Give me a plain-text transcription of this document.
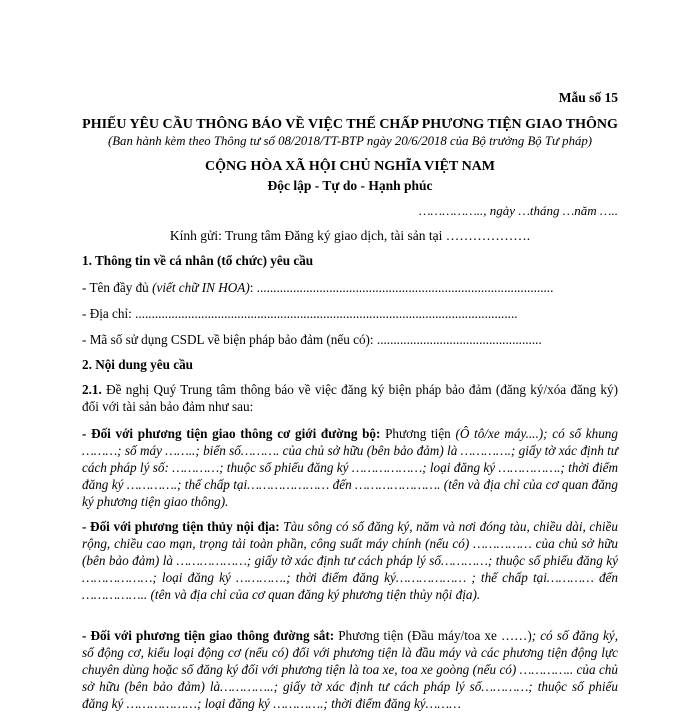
Mẫu số 15
PHIẾU YÊU CẦU THÔNG BÁO VỀ VIỆC THẾ CHẤP PHƯƠNG TIỆN GIAO THÔNG
(Ban hành kèm theo Thông tư số 08/2018/TT-BTP ngày 20/6/2018 của Bộ trưởng Bộ Tư pháp)
CỘNG HÒA XÃ HỘI CHỦ NGHĨA VIỆT NAM
Độc lập - Tự do - Hạnh phúc
…………….., ngày …tháng …năm …..
Kính gửi: Trung tâm Đăng ký giao dịch, tài sản tại ……………….
1. Thông tin về cá nhân (tổ chức) yêu cầu
- Tên đầy đủ (viết chữ IN HOA): ..........................................................................................
- Địa chỉ: ....................................................................................................................
- Mã số sử dụng CSDL về biện pháp bảo đảm (nếu có): ..................................................
2. Nội dung yêu cầu
2.1. Đề nghị Quý Trung tâm thông báo về việc đăng ký biện pháp bảo đảm (đăng ký/xóa đăng ký) đối với tài sản bảo đảm như sau:
- Đối với phương tiện giao thông cơ giới đường bộ: Phương tiện (Ô tô/xe máy....); có số khung ………; số máy ……..; biển số………. của chủ sở hữu (bên bảo đảm) là ………….; giấy tờ xác định tư cách pháp lý số: …………; thuộc số phiếu đăng ký ………………; loại đăng ký …………….; thời điểm đăng ký ………….; thế chấp tại………………… đến …………………. (tên và địa chỉ của cơ quan đăng ký phương tiện giao thông).
- Đối với phương tiện thủy nội địa: Tàu sông có số đăng ký, năm và nơi đóng tàu, chiều dài, chiều rộng, chiều cao mạn, trọng tải toàn phần, công suất máy chính (nếu có) …………… của chủ sở hữu (bên bảo đảm) là ………………; giấy tờ xác định tư cách pháp lý số…………; thuộc số phiếu đăng ký ………………; loại đăng ký ………….; thời điểm đăng ký……………… ; thế chấp tại………… đến …………….. (tên và địa chỉ của cơ quan đăng ký phương tiện thủy nội địa).
- Đối với phương tiện giao thông đường sắt: Phương tiện (Đầu máy/toa xe ……); có số đăng ký, số động cơ, kiểu loại động cơ (nếu có) đối với phương tiện là đầu máy và các phương tiện động lực chuyên dùng hoặc số đăng ký đối với phương tiện là toa xe, toa xe goòng (nếu có) ………….. của chủ sở hữu (bên bảo đảm) là…………..; giấy tờ xác định tư cách pháp lý số…………; thuộc số phiếu đăng ký ………………; loại đăng ký ………….; thời điểm đăng ký………
